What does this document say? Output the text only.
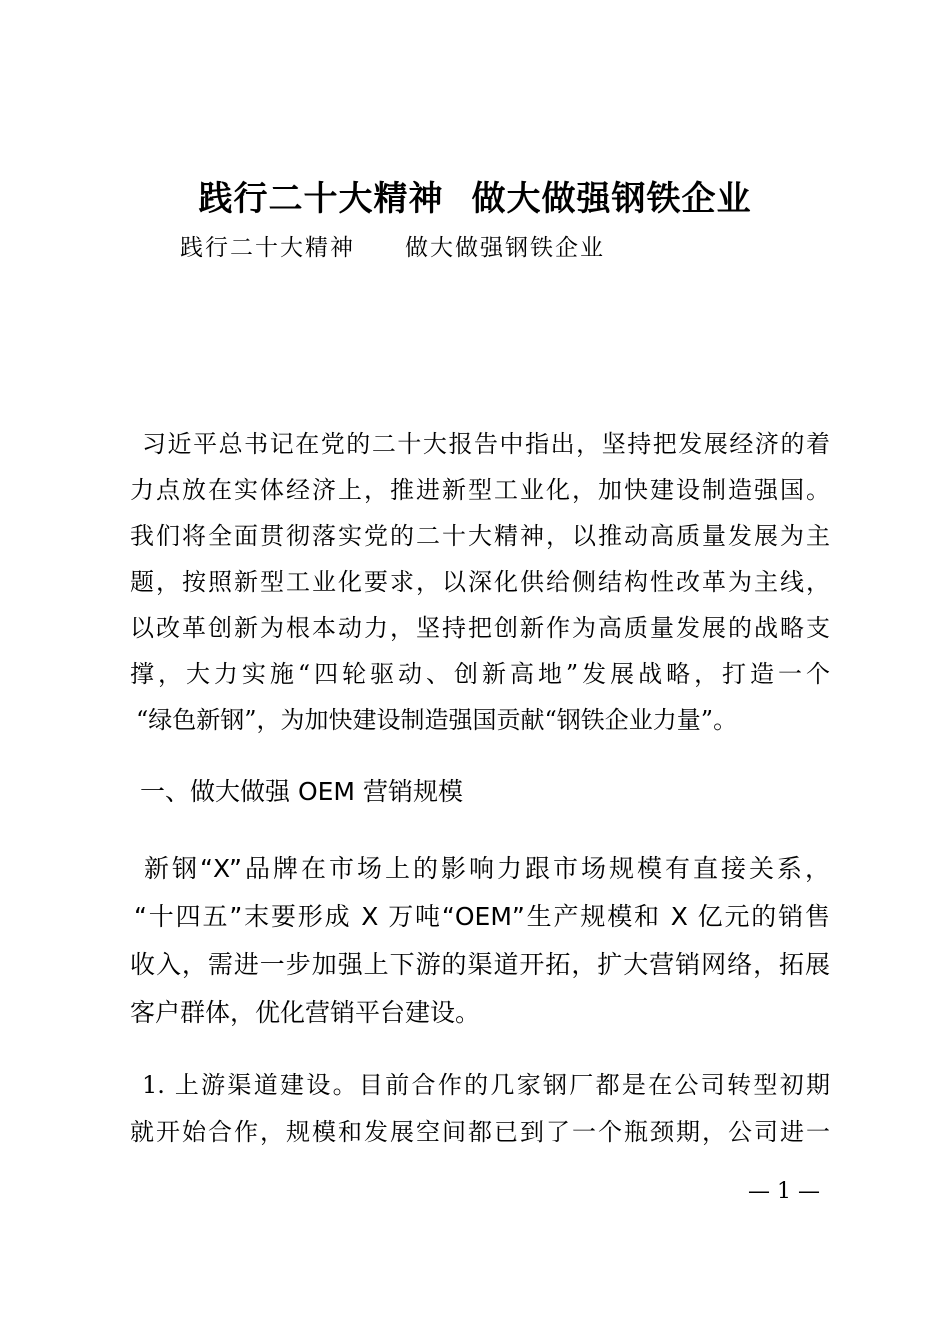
践行二十大精神 做大做强钢铁企业
践行二十大精神 做大做强钢铁企业

习近平总书记在党的二十大报告中指出，坚持把发展经济的着
力点放在实体经济上，推进新型工业化，加快建设制造强国。
我们将全面贯彻落实党的二十大精神，以推动高质量发展为主
题，按照新型工业化要求，以深化供给侧结构性改革为主线，
以改革创新为根本动力，坚持把创新作为高质量发展的战略支
撑，大力实施“四轮驱动、创新高地”发展战略，打造一个
“绿色新钢”，为加快建设制造强国贡献“钢铁企业力量”。

一、做大做强 OEM 营销规模

新钢“X”品牌在市场上的影响力跟市场规模有直接关系，
“十四五”末要形成 X 万吨“OEM”生产规模和 X 亿元的销售
收入，需进一步加强上下游的渠道开拓，扩大营销网络，拓展
客户群体，优化营销平台建设。

1. 上游渠道建设。目前合作的几家钢厂都是在公司转型初期
就开始合作，规模和发展空间都已到了一个瓶颈期，公司进一

— 1 —
